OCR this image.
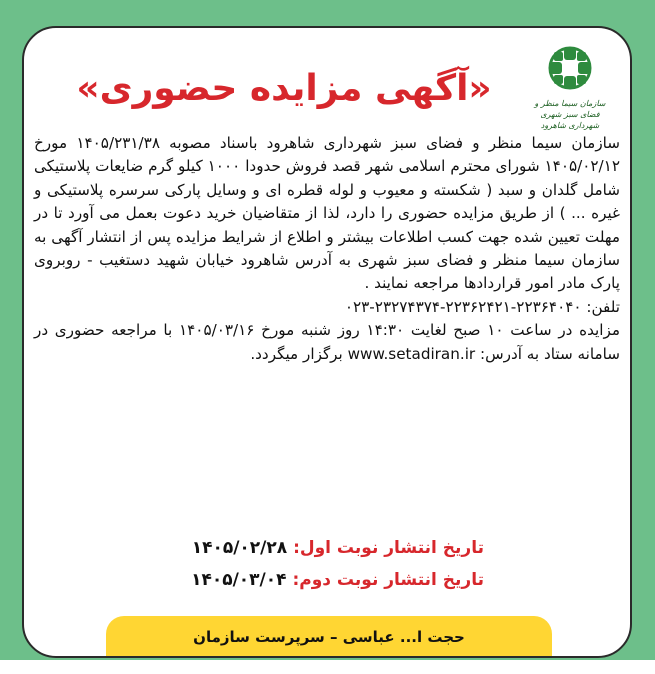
سازمان سیما منظر و فضای سبز شهری
شهرداری شاهرود
«آگهی مزایده حضوری»

سازمان سیما منظر و فضای سبز شهرداری شاهرود باسناد مصوبه ۱۴۰۵/۲۳۱/۳۸ مورخ ۱۴۰۵/۰۲/۱۲ شورای محترم اسلامی شهر قصد فروش حدودا ۱۰۰۰ کیلو گرم ضایعات پلاستیکی شامل گلدان و سبد ( شکسته و معیوب و لوله قطره ای و وسایل پارکی سرسره پلاستیکی و غیره ... ) از طریق مزایده حضوری را دارد، لذا از متقاضیان خرید دعوت بعمل می آورد تا در مهلت تعیین شده جهت کسب اطلاعات بیشتر و اطلاع از شرایط مزایده پس از انتشار آگهی به سازمان سیما منظر و فضای سبز شهری به آدرس شاهرود خیابان شهید دستغیب - روبروی پارک مادر امور قراردادها مراجعه نمایند .

تلفن: ۲۲۳۶۴۰۴۰-۲۲۳۶۲۴۲۱-۲۳۲۷۴۳۷۴-۰۲۳

مزایده در ساعت ۱۰ صبح لغایت ۱۴:۳۰ روز شنبه مورخ ۱۴۰۵/۰۳/۱۶ با مراجعه حضوری در سامانه ستاد به آدرس: www.setadiran.ir برگزار میگردد.

تاریخ انتشار نوبت اول: ۱۴۰۵/۰۲/۲۸
تاریخ انتشار نوبت دوم: ۱۴۰۵/۰۳/۰۴
حجت ا... عباسی – سرپرست سازمان
